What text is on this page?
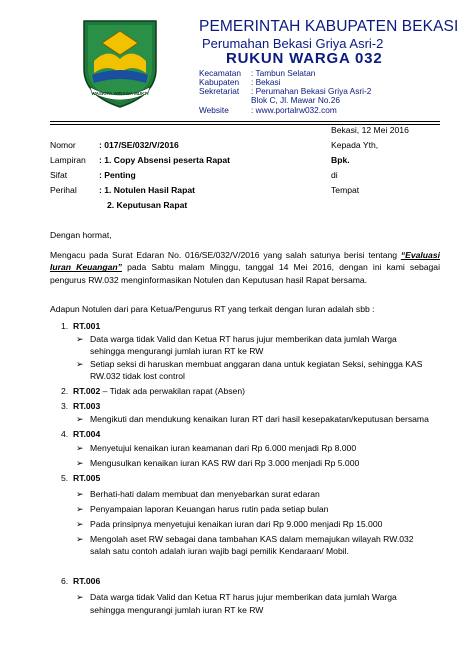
WASKITA WIBAWA MUKTI
PEMERINTAH KABUPATEN BEKASI
Perumahan Bekasi Griya Asri-2
RUKUN WARGA 032
Kecamatan : Tambun Selatan
Kabupaten : Bekasi
Sekretariat : Perumahan Bekasi Griya Asri-2
Blok C, Jl. Mawar No.26
Website	: www.portalrw032.com
Bekasi, 12 Mei 2016
Nomor	: 017/SE/032/V/2016	Kepada Yth,
Lampiran : 1. Copy Absensi peserta Rapat	Bpk.
Sifat	: Penting	di
Perihal	: 1. Notulen Hasil Rapat	Tempat
2. Keputusan Rapat
Dengan hormat,
Mengacu pada Surat Edaran No. 016/SE/032/V/2016 yang salah satunya berisi tentang “Evaluasi Iuran Keuangan” pada Sabtu malam Minggu, tanggal 14 Mei 2016, dengan ini kami sebagai pengurus RW.032 menginformasikan Notulen dan Keputusan hasil Rapat bersama.
Adapun Notulen dari para Ketua/Pengurus RT yang terkait dengan Iuran adalah sbb :
1. RT.001
➢ Data warga tidak Valid dan Ketua RT harus jujur memberikan data jumlah Warga
sehingga mengurangi jumlah iuran RT ke RW
➢ Setiap seksi di haruskan membuat anggaran dana untuk kegiatan Seksi, sehingga KAS
RW.032 tidak lost control
2. RT.002 – Tidak ada perwakilan rapat (Absen)
3. RT.003
➢ Mengikuti dan mendukung kenaikan Iuran RT dari hasil kesepakatan/keputusan bersama
4. RT.004
➢ Menyetujui kenaikan iuran keamanan dari Rp 6.000 menjadi Rp 8.000
➢ Mengusulkan kenaikan iuran KAS RW dari Rp 3.000 menjadi Rp 5.000
5. RT.005
➢ Berhati-hati dalam membuat dan menyebarkan surat edaran
➢ Penyampaian laporan Keuangan harus rutin pada setiap bulan
➢ Pada prinsipnya menyetujui kenaikan iuran dari Rp 9.000 menjadi Rp 15.000
➢ Mengolah aset RW sebagai dana tambahan KAS dalam memajukan wilayah RW.032
salah satu contoh adalah iuran wajib bagi pemilik Kendaraan/ Mobil.
6. RT.006
➢ Data warga tidak Valid dan Ketua RT harus jujur memberikan data jumlah Warga
sehingga mengurangi jumlah iuran RT ke RW
